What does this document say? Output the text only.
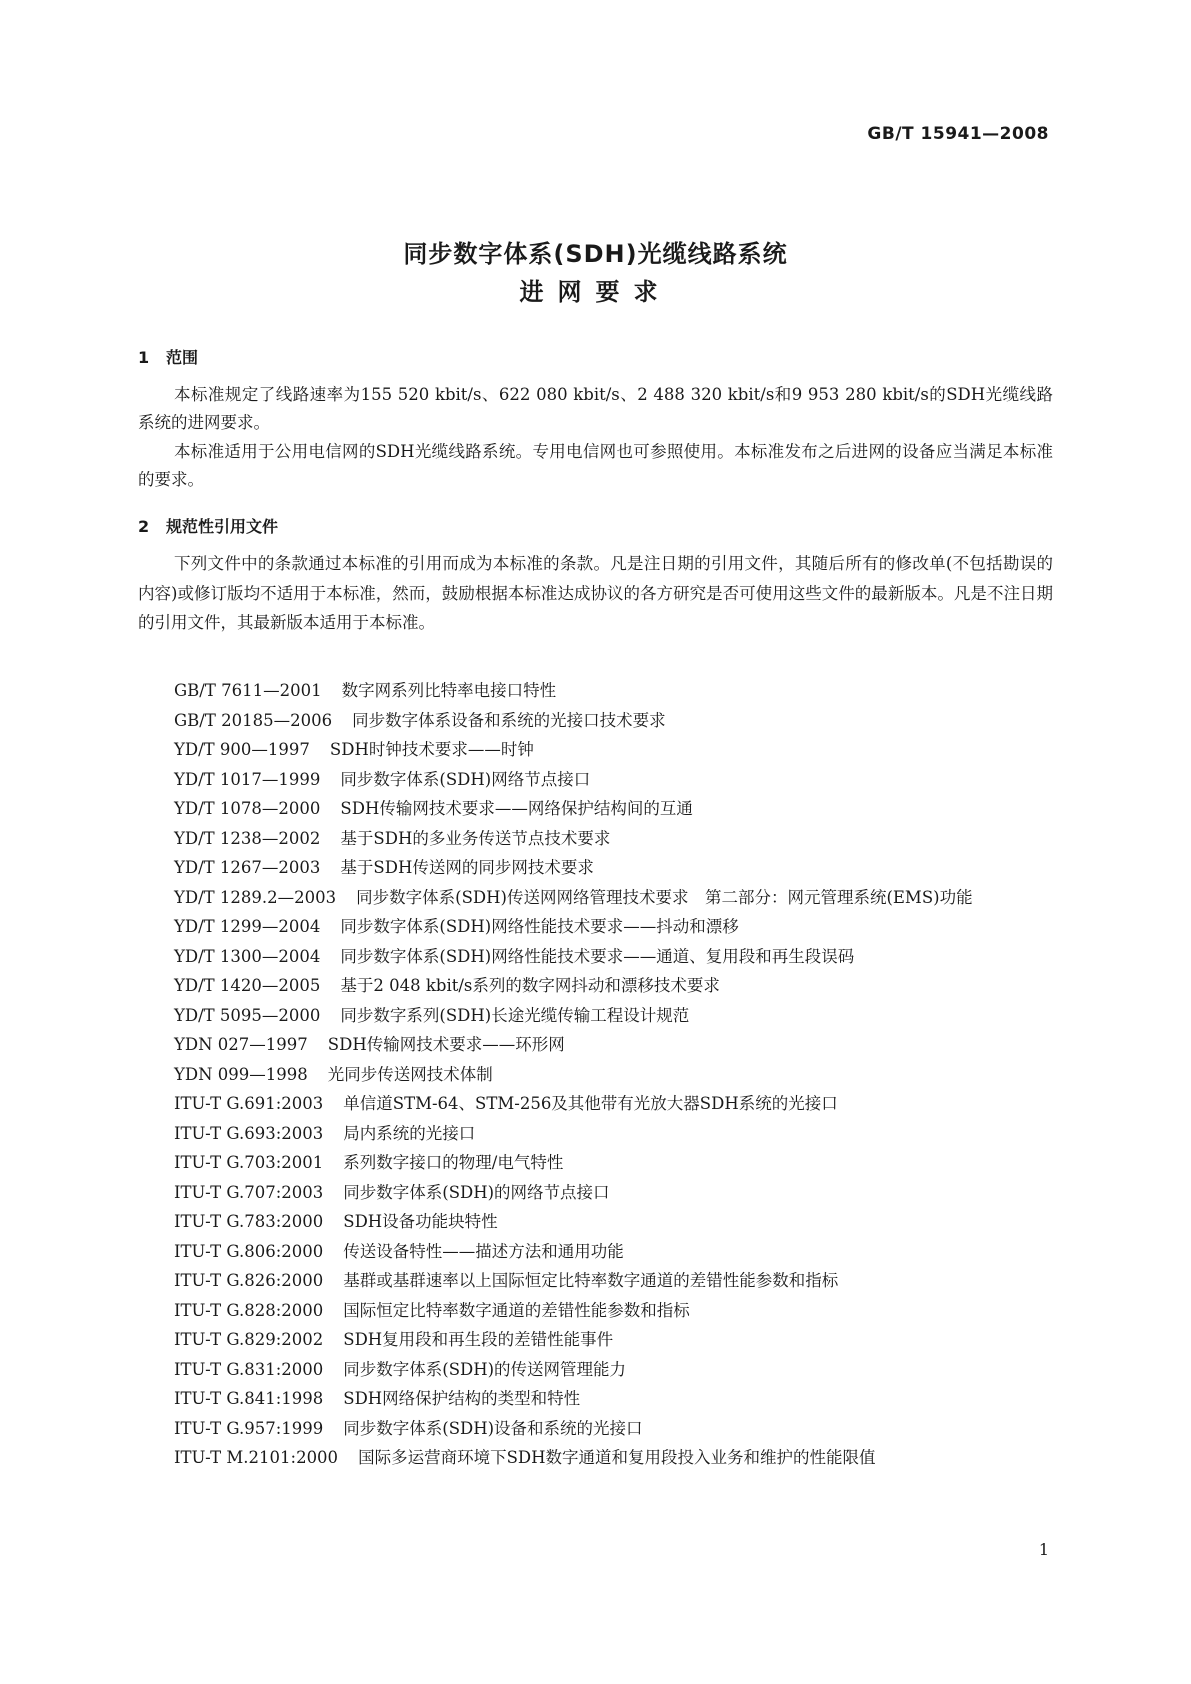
GB/T 15941—2008
同步数字体系(SDH)光缆线路系统
进网要求
1 范围

本标准规定了线路速率为155 520 kbit/s、622 080 kbit/s、2 488 320 kbit/s和9 953 280 kbit/s的SDH光缆线路系统的进网要求。

本标准适用于公用电信网的SDH光缆线路系统。专用电信网也可参照使用。本标准发布之后进网的设备应当满足本标准的要求。

2 规范性引用文件

下列文件中的条款通过本标准的引用而成为本标准的条款。凡是注日期的引用文件，其随后所有的修改单(不包括勘误的内容)或修订版均不适用于本标准，然而，鼓励根据本标准达成协议的各方研究是否可使用这些文件的最新版本。凡是不注日期的引用文件，其最新版本适用于本标准。

GB/T 7611—2001 数字网系列比特率电接口特性
GB/T 20185—2006 同步数字体系设备和系统的光接口技术要求
YD/T 900—1997 SDH时钟技术要求——时钟
YD/T 1017—1999 同步数字体系(SDH)网络节点接口
YD/T 1078—2000 SDH传输网技术要求——网络保护结构间的互通
YD/T 1238—2002 基于SDH的多业务传送节点技术要求
YD/T 1267—2003 基于SDH传送网的同步网技术要求
YD/T 1289.2—2003 同步数字体系(SDH)传送网网络管理技术要求　第二部分：网元管理系统(EMS)功能
YD/T 1299—2004 同步数字体系(SDH)网络性能技术要求——抖动和漂移
YD/T 1300—2004 同步数字体系(SDH)网络性能技术要求——通道、复用段和再生段误码
YD/T 1420—2005 基于2 048 kbit/s系列的数字网抖动和漂移技术要求
YD/T 5095—2000 同步数字系列(SDH)长途光缆传输工程设计规范
YDN 027—1997 SDH传输网技术要求——环形网
YDN 099—1998 光同步传送网技术体制
ITU-T G.691:2003 单信道STM-64、STM-256及其他带有光放大器SDH系统的光接口
ITU-T G.693:2003 局内系统的光接口
ITU-T G.703:2001 系列数字接口的物理/电气特性
ITU-T G.707:2003 同步数字体系(SDH)的网络节点接口
ITU-T G.783:2000 SDH设备功能块特性
ITU-T G.806:2000 传送设备特性——描述方法和通用功能
ITU-T G.826:2000 基群或基群速率以上国际恒定比特率数字通道的差错性能参数和指标
ITU-T G.828:2000 国际恒定比特率数字通道的差错性能参数和指标
ITU-T G.829:2002 SDH复用段和再生段的差错性能事件
ITU-T G.831:2000 同步数字体系(SDH)的传送网管理能力
ITU-T G.841:1998 SDH网络保护结构的类型和特性
ITU-T G.957:1999 同步数字体系(SDH)设备和系统的光接口
ITU-T M.2101:2000 国际多运营商环境下SDH数字通道和复用段投入业务和维护的性能限值
1
